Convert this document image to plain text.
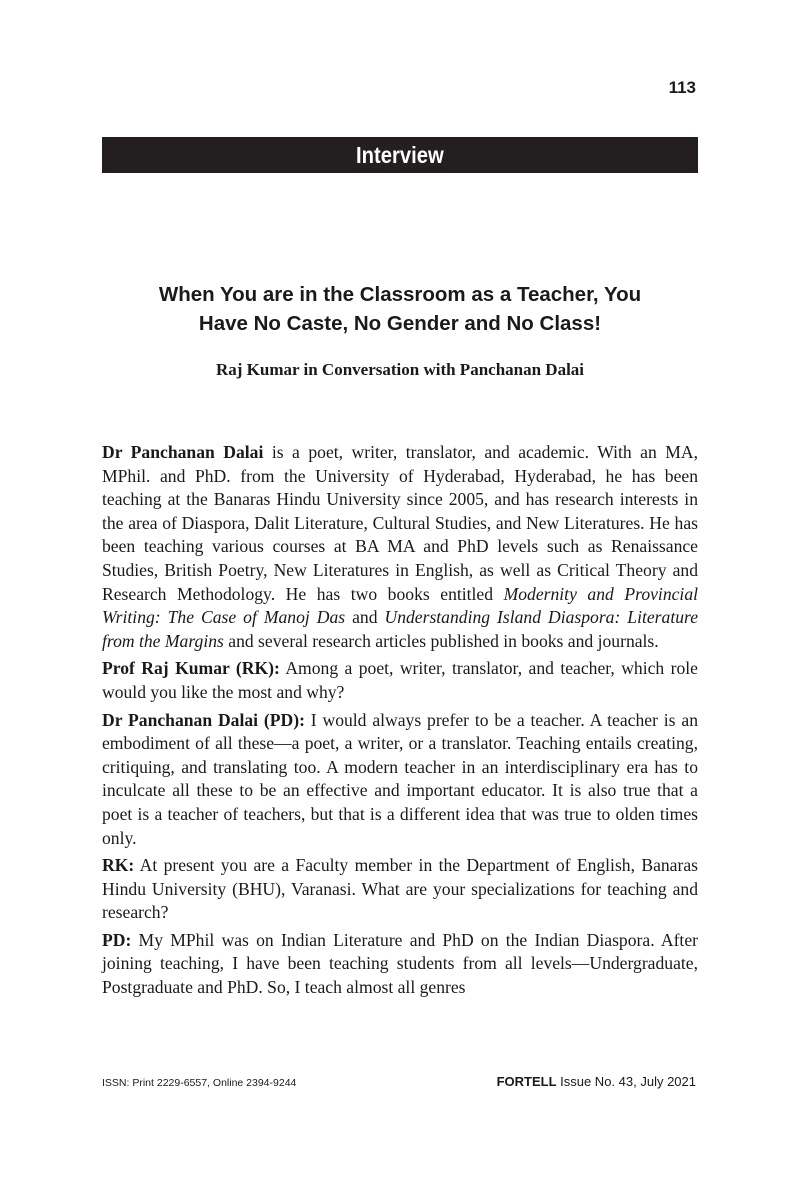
113
Interview
When You are in the Classroom as a Teacher, You
Have No Caste, No Gender and No Class!

Raj Kumar in Conversation with Panchanan Dalai

Dr Panchanan Dalai is a poet, writer, translator, and academic. With an MA, MPhil. and PhD. from the University of Hyderabad, Hyderabad, he has been teaching at the Banaras Hindu University since 2005, and has research interests in the area of Diaspora, Dalit Literature, Cultural Studies, and New Literatures. He has been teaching various courses at BA MA and PhD levels such as Renaissance Studies, British Poetry, New Literatures in English, as well as Critical Theory and Research Methodology. He has two books entitled Modernity and Provincial Writing: The Case of Manoj Das and Understanding Island Diaspora: Literature from the Margins and several research articles published in books and journals.

Prof Raj Kumar (RK): Among a poet, writer, translator, and teacher, which role would you like the most and why?

Dr Panchanan Dalai (PD): I would always prefer to be a teacher. A teacher is an embodiment of all these—a poet, a writer, or a translator. Teaching entails creating, critiquing, and translating too. A modern teacher in an interdisciplinary era has to inculcate all these to be an effective and important educator. It is also true that a poet is a teacher of teachers, but that is a different idea that was true to olden times only.

RK: At present you are a Faculty member in the Department of English, Banaras Hindu University (BHU), Varanasi. What are your specializations for teaching and research?

PD: My MPhil was on Indian Literature and PhD on the Indian Diaspora. After joining teaching, I have been teaching students from all levels—Undergraduate, Postgraduate and PhD. So, I teach almost all genres

ISSN: Print 2229-6557, Online 2394-9244	FORTELL Issue No. 43, July 2021
